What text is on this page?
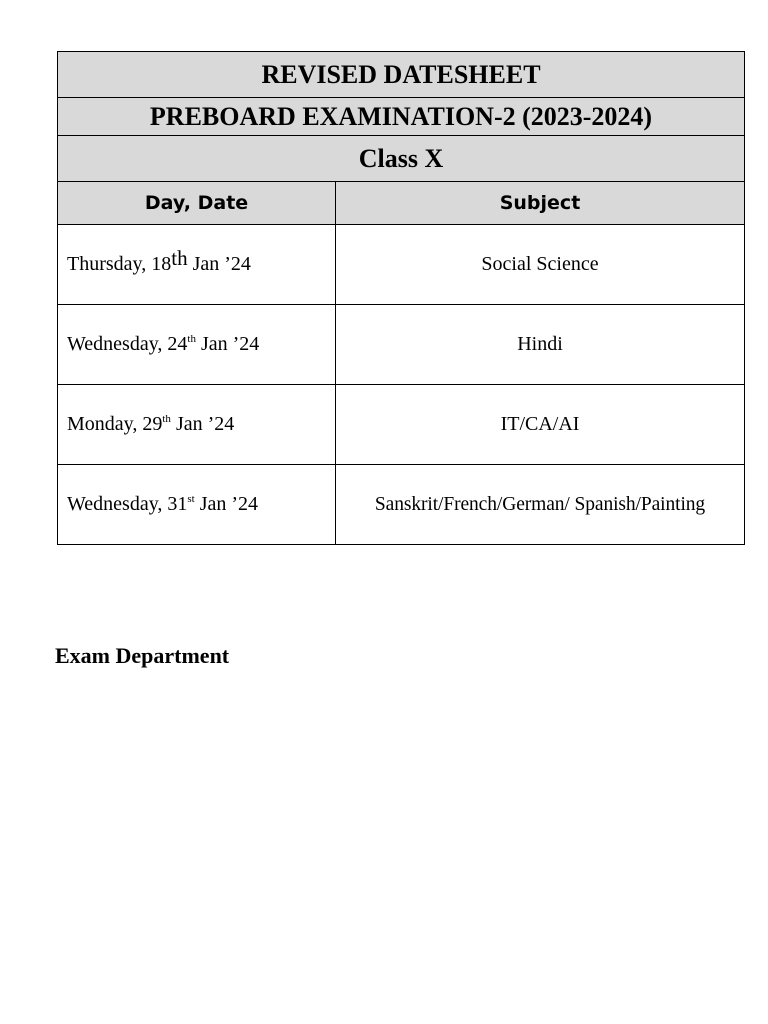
REVISED DATESHEET	
PREBOARD EXAMINATION-2 (2023-2024)	
Class X	
Day, Date	Subject
Thursday, 18th Jan ’24	Social Science
Wednesday, 24th Jan ’24	Hindi
Monday, 29th Jan ’24	IT/CA/AI
Wednesday, 31st Jan ’24	Sanskrit/French/German/ Spanish/Painting
Exam Department
